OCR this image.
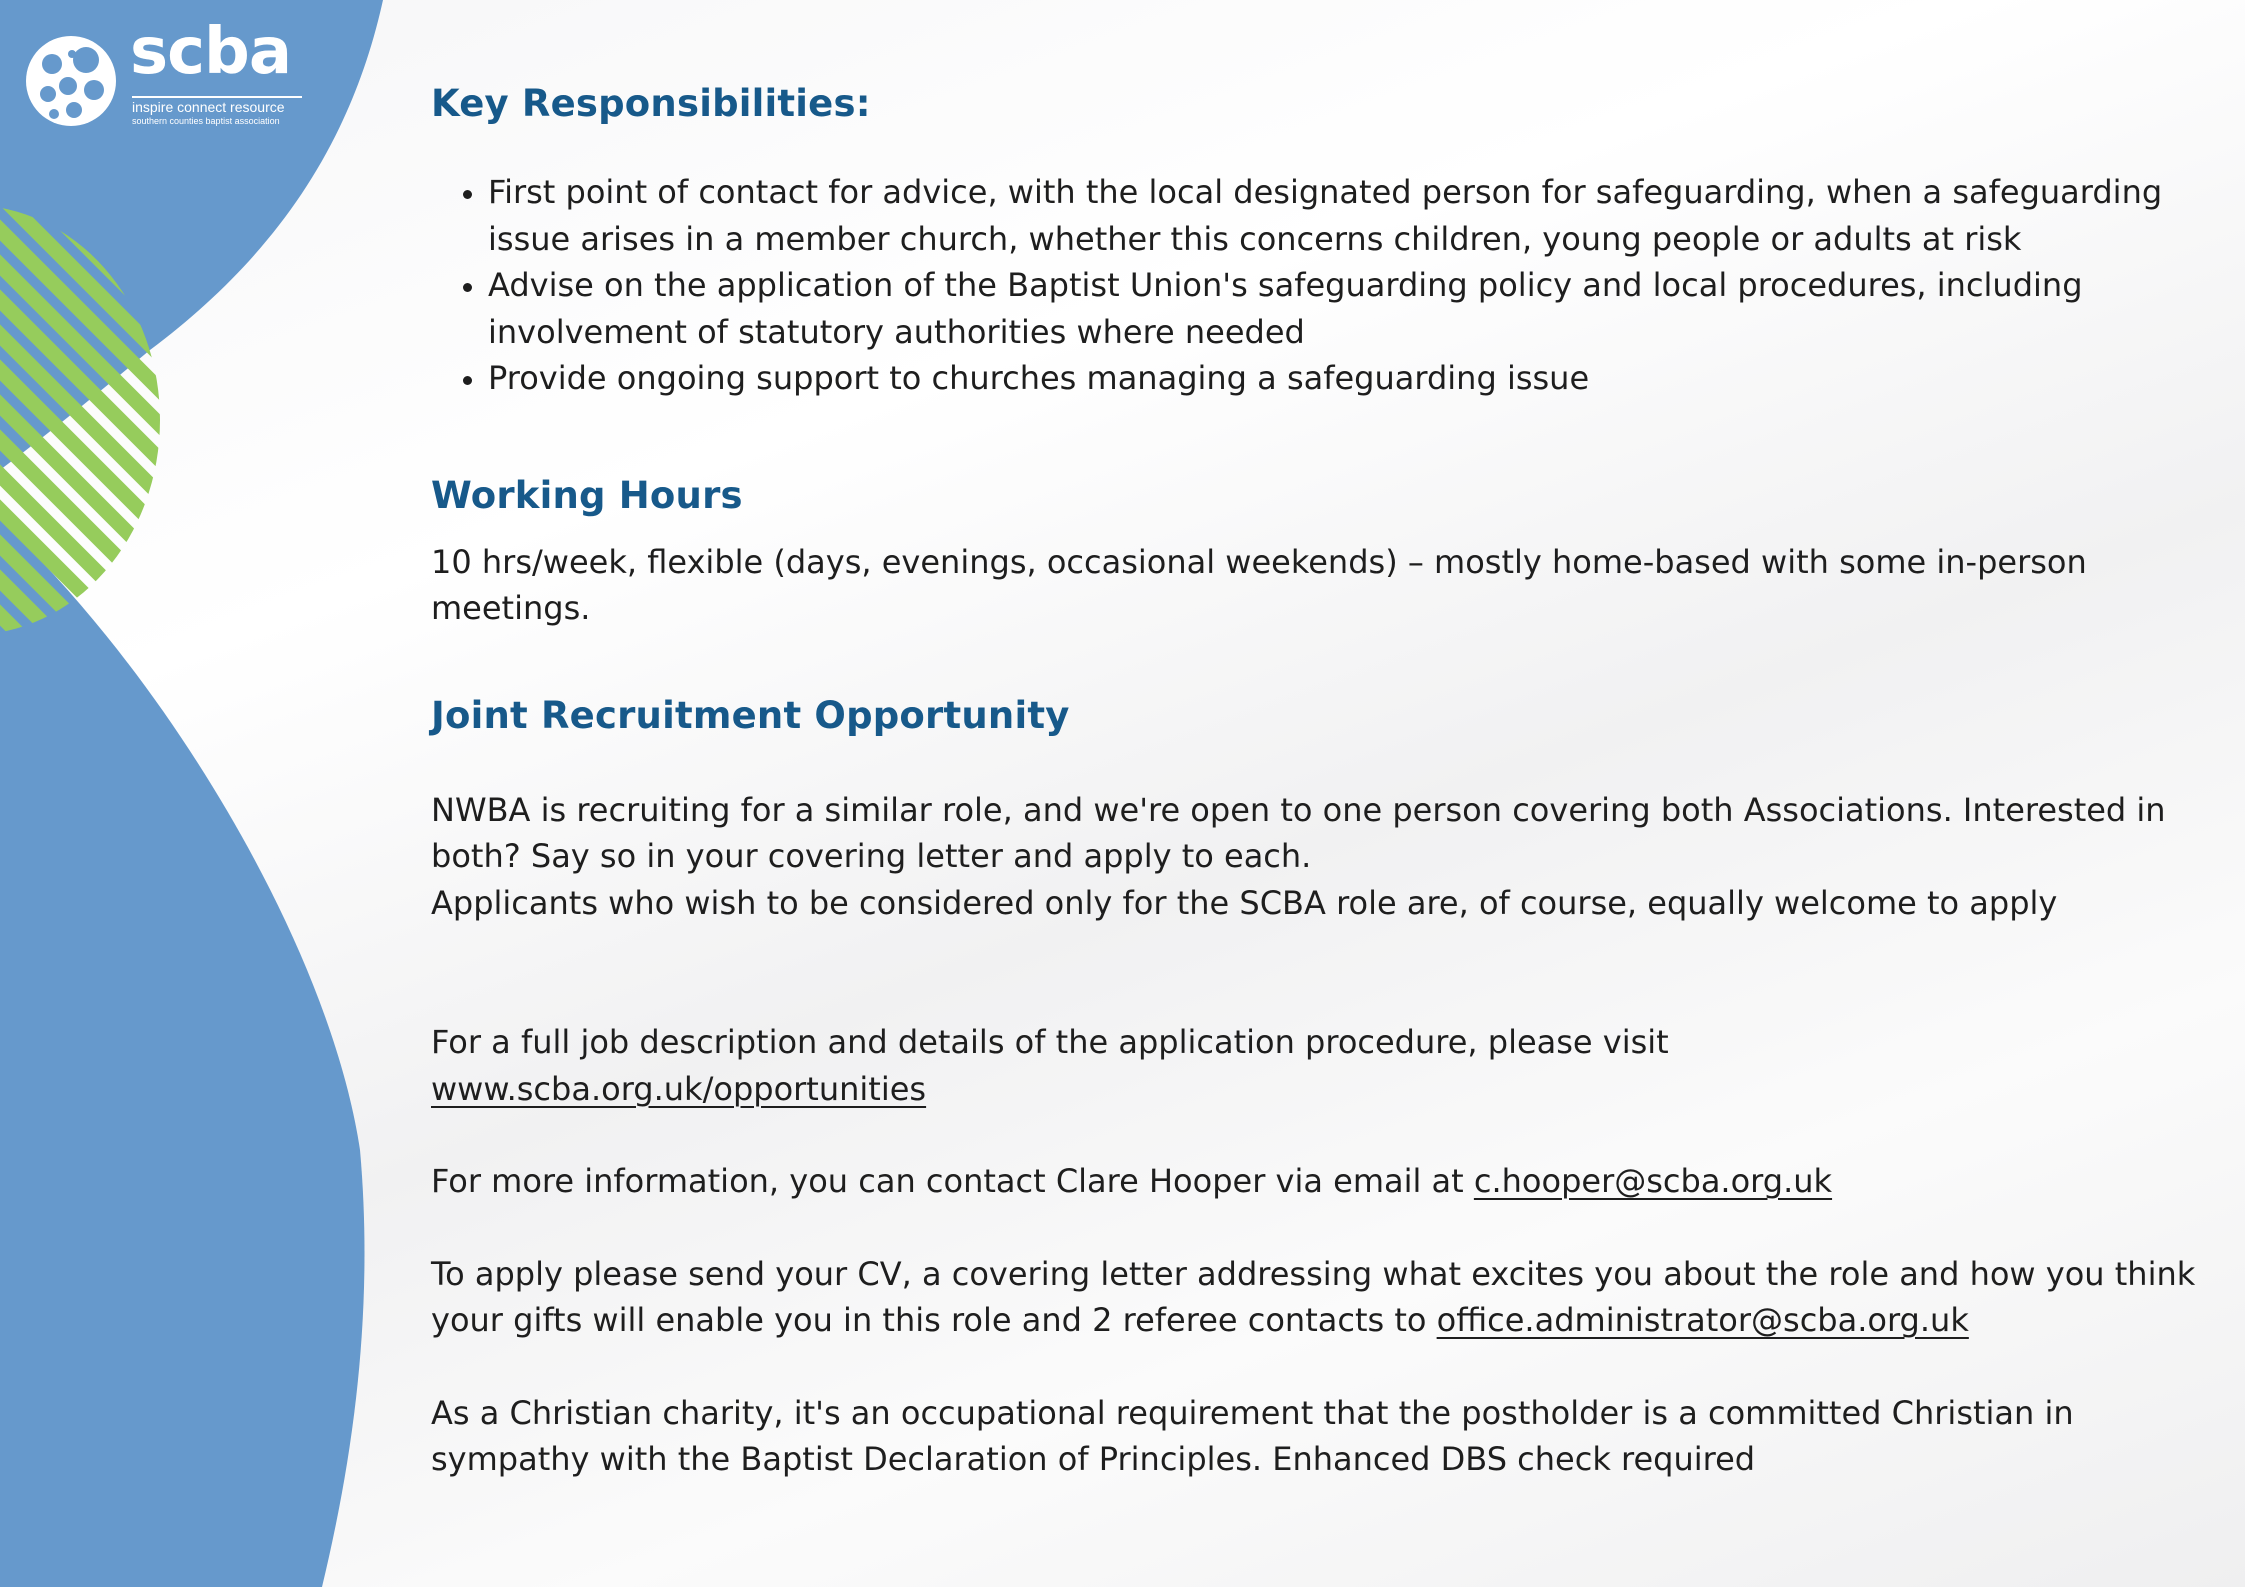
scba
inspire connect resource
southern counties baptist association	Key Responsibilities:
First point of contact for advice, with the local designated person for safeguarding, when a safeguarding issue arises in a member church, whether this concerns children, young people or adults at risk
Advise on the application of the Baptist Union's safeguarding policy and local procedures, including involvement of statutory authorities where needed
Provide ongoing support to churches managing a safeguarding issue
Working Hours

10 hrs/week, flexible (days, evenings, occasional weekends) – mostly home-based with some in-person meetings.

Joint Recruitment Opportunity

NWBA is recruiting for a similar role, and we're open to one person covering both Associations. Interested in both? Say so in your covering letter and apply to each.

Applicants who wish to be considered only for the SCBA role are, of course, equally welcome to apply

For a full job description and details of the application procedure, please visit

www.scba.org.uk/opportunities

For more information, you can contact Clare Hooper via email at c.hooper@scba.org.uk

To apply please send your CV, a covering letter addressing what excites you about the role and how you think your gifts will enable you in this role and 2 referee contacts to office.administrator@scba.org.uk

As a Christian charity, it's an occupational requirement that the postholder is a committed Christian in sympathy with the Baptist Declaration of Principles. Enhanced DBS check required
